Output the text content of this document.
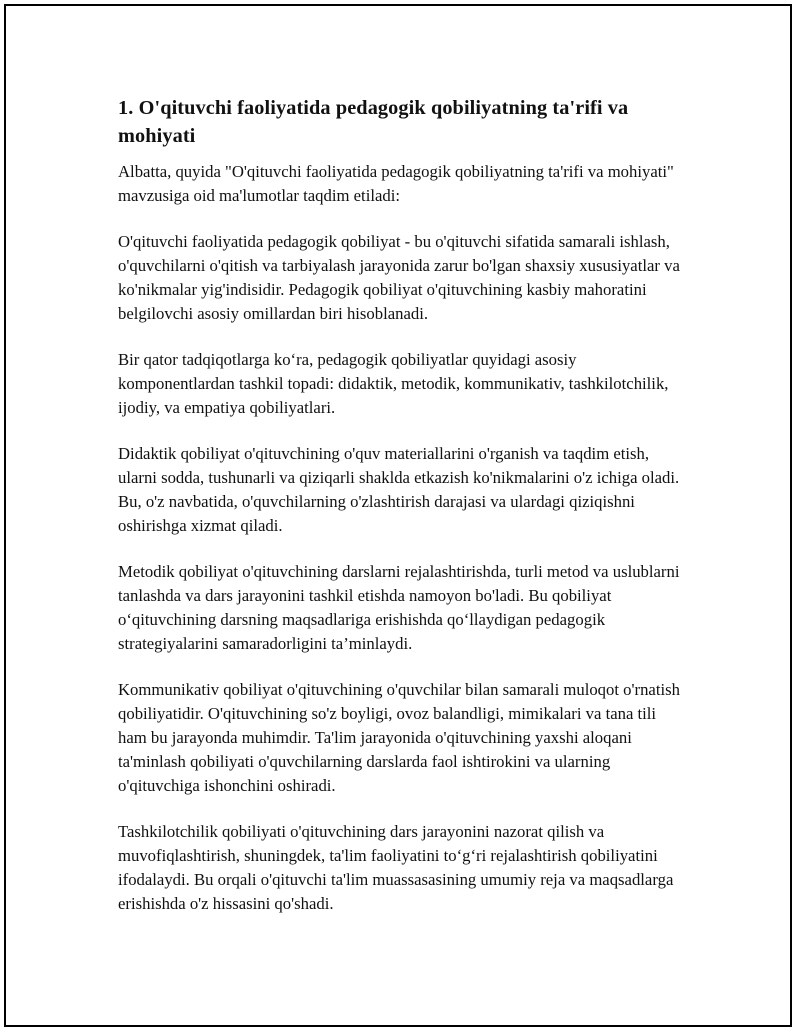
1. O'qituvchi faoliyatida pedagogik qobiliyatning ta'rifi va mohiyati

Albatta, quyida "O'qituvchi faoliyatida pedagogik qobiliyatning ta'rifi va mohiyati" mavzusiga oid ma'lumotlar taqdim etiladi:

O'qituvchi faoliyatida pedagogik qobiliyat - bu o'qituvchi sifatida samarali ishlash, o'quvchilarni o'qitish va tarbiyalash jarayonida zarur bo'lgan shaxsiy xususiyatlar va ko'nikmalar yig'indisidir. Pedagogik qobiliyat o'qituvchining kasbiy mahoratini belgilovchi asosiy omillardan biri hisoblanadi.

Bir qator tadqiqotlarga ko‘ra, pedagogik qobiliyatlar quyidagi asosiy komponentlardan tashkil topadi: didaktik, metodik, kommunikativ, tashkilotchilik, ijodiy, va empatiya qobiliyatlari.

Didaktik qobiliyat o'qituvchining o'quv materiallarini o'rganish va taqdim etish, ularni sodda, tushunarli va qiziqarli shaklda etkazish ko'nikmalarini o'z ichiga oladi. Bu, o'z navbatida, o'quvchilarning o'zlashtirish darajasi va ulardagi qiziqishni oshirishga xizmat qiladi.

Metodik qobiliyat o'qituvchining darslarni rejalashtirishda, turli metod va uslublarni tanlashda va dars jarayonini tashkil etishda namoyon bo'ladi. Bu qobiliyat o‘qituvchining darsning maqsadlariga erishishda qo‘llaydigan pedagogik strategiyalarini samaradorligini ta’minlaydi.

Kommunikativ qobiliyat o'qituvchining o'quvchilar bilan samarali muloqot o'rnatish qobiliyatidir. O'qituvchining so'z boyligi, ovoz balandligi, mimikalari va tana tili ham bu jarayonda muhimdir. Ta'lim jarayonida o'qituvchining yaxshi aloqani ta'minlash qobiliyati o'quvchilarning darslarda faol ishtirokini va ularning o'qituvchiga ishonchini oshiradi.

Tashkilotchilik qobiliyati o'qituvchining dars jarayonini nazorat qilish va muvofiqlashtirish, shuningdek, ta'lim faoliyatini to‘g‘ri rejalashtirish qobiliyatini ifodalaydi. Bu orqali o'qituvchi ta'lim muassasasining umumiy reja va maqsadlarga erishishda o'z hissasini qo'shadi.
